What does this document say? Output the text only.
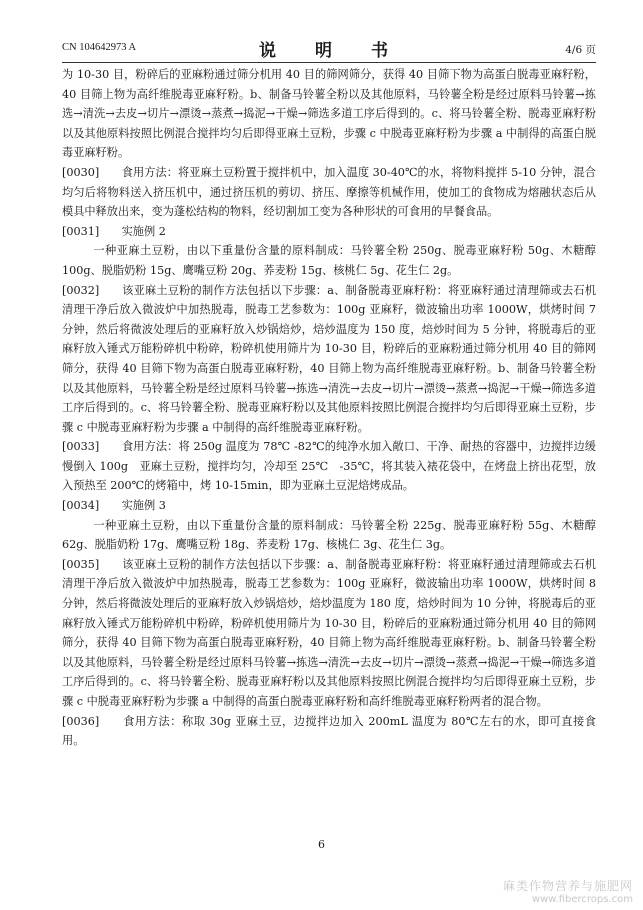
CN 104642973 A	说　明　书	4/6 页

为 10-30 目，粉碎后的亚麻粉通过筛分机用 40 目的筛网筛分，获得 40 目筛下物为高蛋白脱毒亚麻籽粉，40 目筛上物为高纤维脱毒亚麻籽粉。b、制备马铃薯全粉以及其他原料，马铃薯全粉是经过原料马铃薯→拣选→清洗→去皮→切片→漂烫→蒸煮→捣泥→干燥→筛选多道工序后得到的。c、将马铃薯全粉、脱毒亚麻籽粉以及其他原料按照比例混合搅拌均匀后即得亚麻土豆粉，步骤 c 中脱毒亚麻籽粉为步骤 a 中制得的高蛋白脱毒亚麻籽粉。

[0030]　　 食用方法：将亚麻土豆粉置于搅拌机中，加入温度 30-40℃的水，将物料搅拌 5-10 分钟，混合均匀后将物料送入挤压机中，通过挤压机的剪切、挤压、摩擦等机械作用，使加工的食物成为熔融状态后从模具中释放出来，变为蓬松结构的物料，经切割加工变为各种形状的可食用的早餐食品。

[0031]　　 实施例 2

一种亚麻土豆粉，由以下重量份含量的原料制成：马铃薯全粉 250g、脱毒亚麻籽粉 50g、木糖醇 100g、脱脂奶粉 15g、鹰嘴豆粉 20g、荞麦粉 15g、核桃仁 5g、花生仁 2g。

[0032]　　 该亚麻土豆粉的制作方法包括以下步骤：a、制备脱毒亚麻籽粉：将亚麻籽通过清理筛或去石机清理干净后放入微波炉中加热脱毒，脱毒工艺参数为：100g 亚麻籽，微波输出功率 1000W，烘烤时间 7 分钟，然后将微波处理后的亚麻籽放入炒锅焙炒，焙炒温度为 150 度，焙炒时间为 5 分钟，将脱毒后的亚麻籽放入锤式万能粉碎机中粉碎，粉碎机使用筛片为 10-30 目，粉碎后的亚麻粉通过筛分机用 40 目的筛网筛分，获得 40 目筛下物为高蛋白脱毒亚麻籽粉，40 目筛上物为高纤维脱毒亚麻籽粉。b、制备马铃薯全粉以及其他原料，马铃薯全粉是经过原料马铃薯→拣选→清洗→去皮→切片→漂烫→蒸煮→捣泥→干燥→筛选多道工序后得到的。c、将马铃薯全粉、脱毒亚麻籽粉以及其他原料按照比例混合搅拌均匀后即得亚麻土豆粉，步骤 c 中脱毒亚麻籽粉为步骤 a 中制得的高纤维脱毒亚麻籽粉。

[0033]　　 食用方法：将 250g 温度为 78℃ -82℃的纯净水加入敞口、干净、耐热的容器中，边搅拌边缓慢倒入 100g　亚麻土豆粉，搅拌均匀，冷却至 25℃　-35℃，将其装入裱花袋中，在烤盘上挤出花型，放入预热至 200℃的烤箱中，烤 10-15min，即为亚麻土豆泥焙烤成品。

[0034]　　 实施例 3

一种亚麻土豆粉，由以下重量份含量的原料制成：马铃薯全粉 225g、脱毒亚麻籽粉 55g、木糖醇 62g、脱脂奶粉 17g、鹰嘴豆粉 18g、荞麦粉 17g、核桃仁 3g、花生仁 3g。

[0035]　　 该亚麻土豆粉的制作方法包括以下步骤：a、制备脱毒亚麻籽粉：将亚麻籽通过清理筛或去石机清理干净后放入微波炉中加热脱毒，脱毒工艺参数为：100g 亚麻籽，微波输出功率 1000W，烘烤时间 8 分钟，然后将微波处理后的亚麻籽放入炒锅焙炒，焙炒温度为 180 度，焙炒时间为 10 分钟，将脱毒后的亚麻籽放入锤式万能粉碎机中粉碎，粉碎机使用筛片为 10-30 目，粉碎后的亚麻粉通过筛分机用 40 目的筛网筛分，获得 40 目筛下物为高蛋白脱毒亚麻籽粉，40 目筛上物为高纤维脱毒亚麻籽粉。b、制备马铃薯全粉以及其他原料，马铃薯全粉是经过原料马铃薯→拣选→清洗→去皮→切片→漂烫→蒸煮→捣泥→干燥→筛选多道工序后得到的。c、将马铃薯全粉、脱毒亚麻籽粉以及其他原料按照比例混合搅拌均匀后即得亚麻土豆粉，步骤 c 中脱毒亚麻籽粉为步骤 a 中制得的高蛋白脱毒亚麻籽粉和高纤维脱毒亚麻籽粉两者的混合物。

[0036]　　 食用方法：称取 30g 亚麻土豆，边搅拌边加入 200mL 温度为 80℃左右的水，即可直接食用。

6
麻类作物营养与施肥网
www.fibercrops.com
